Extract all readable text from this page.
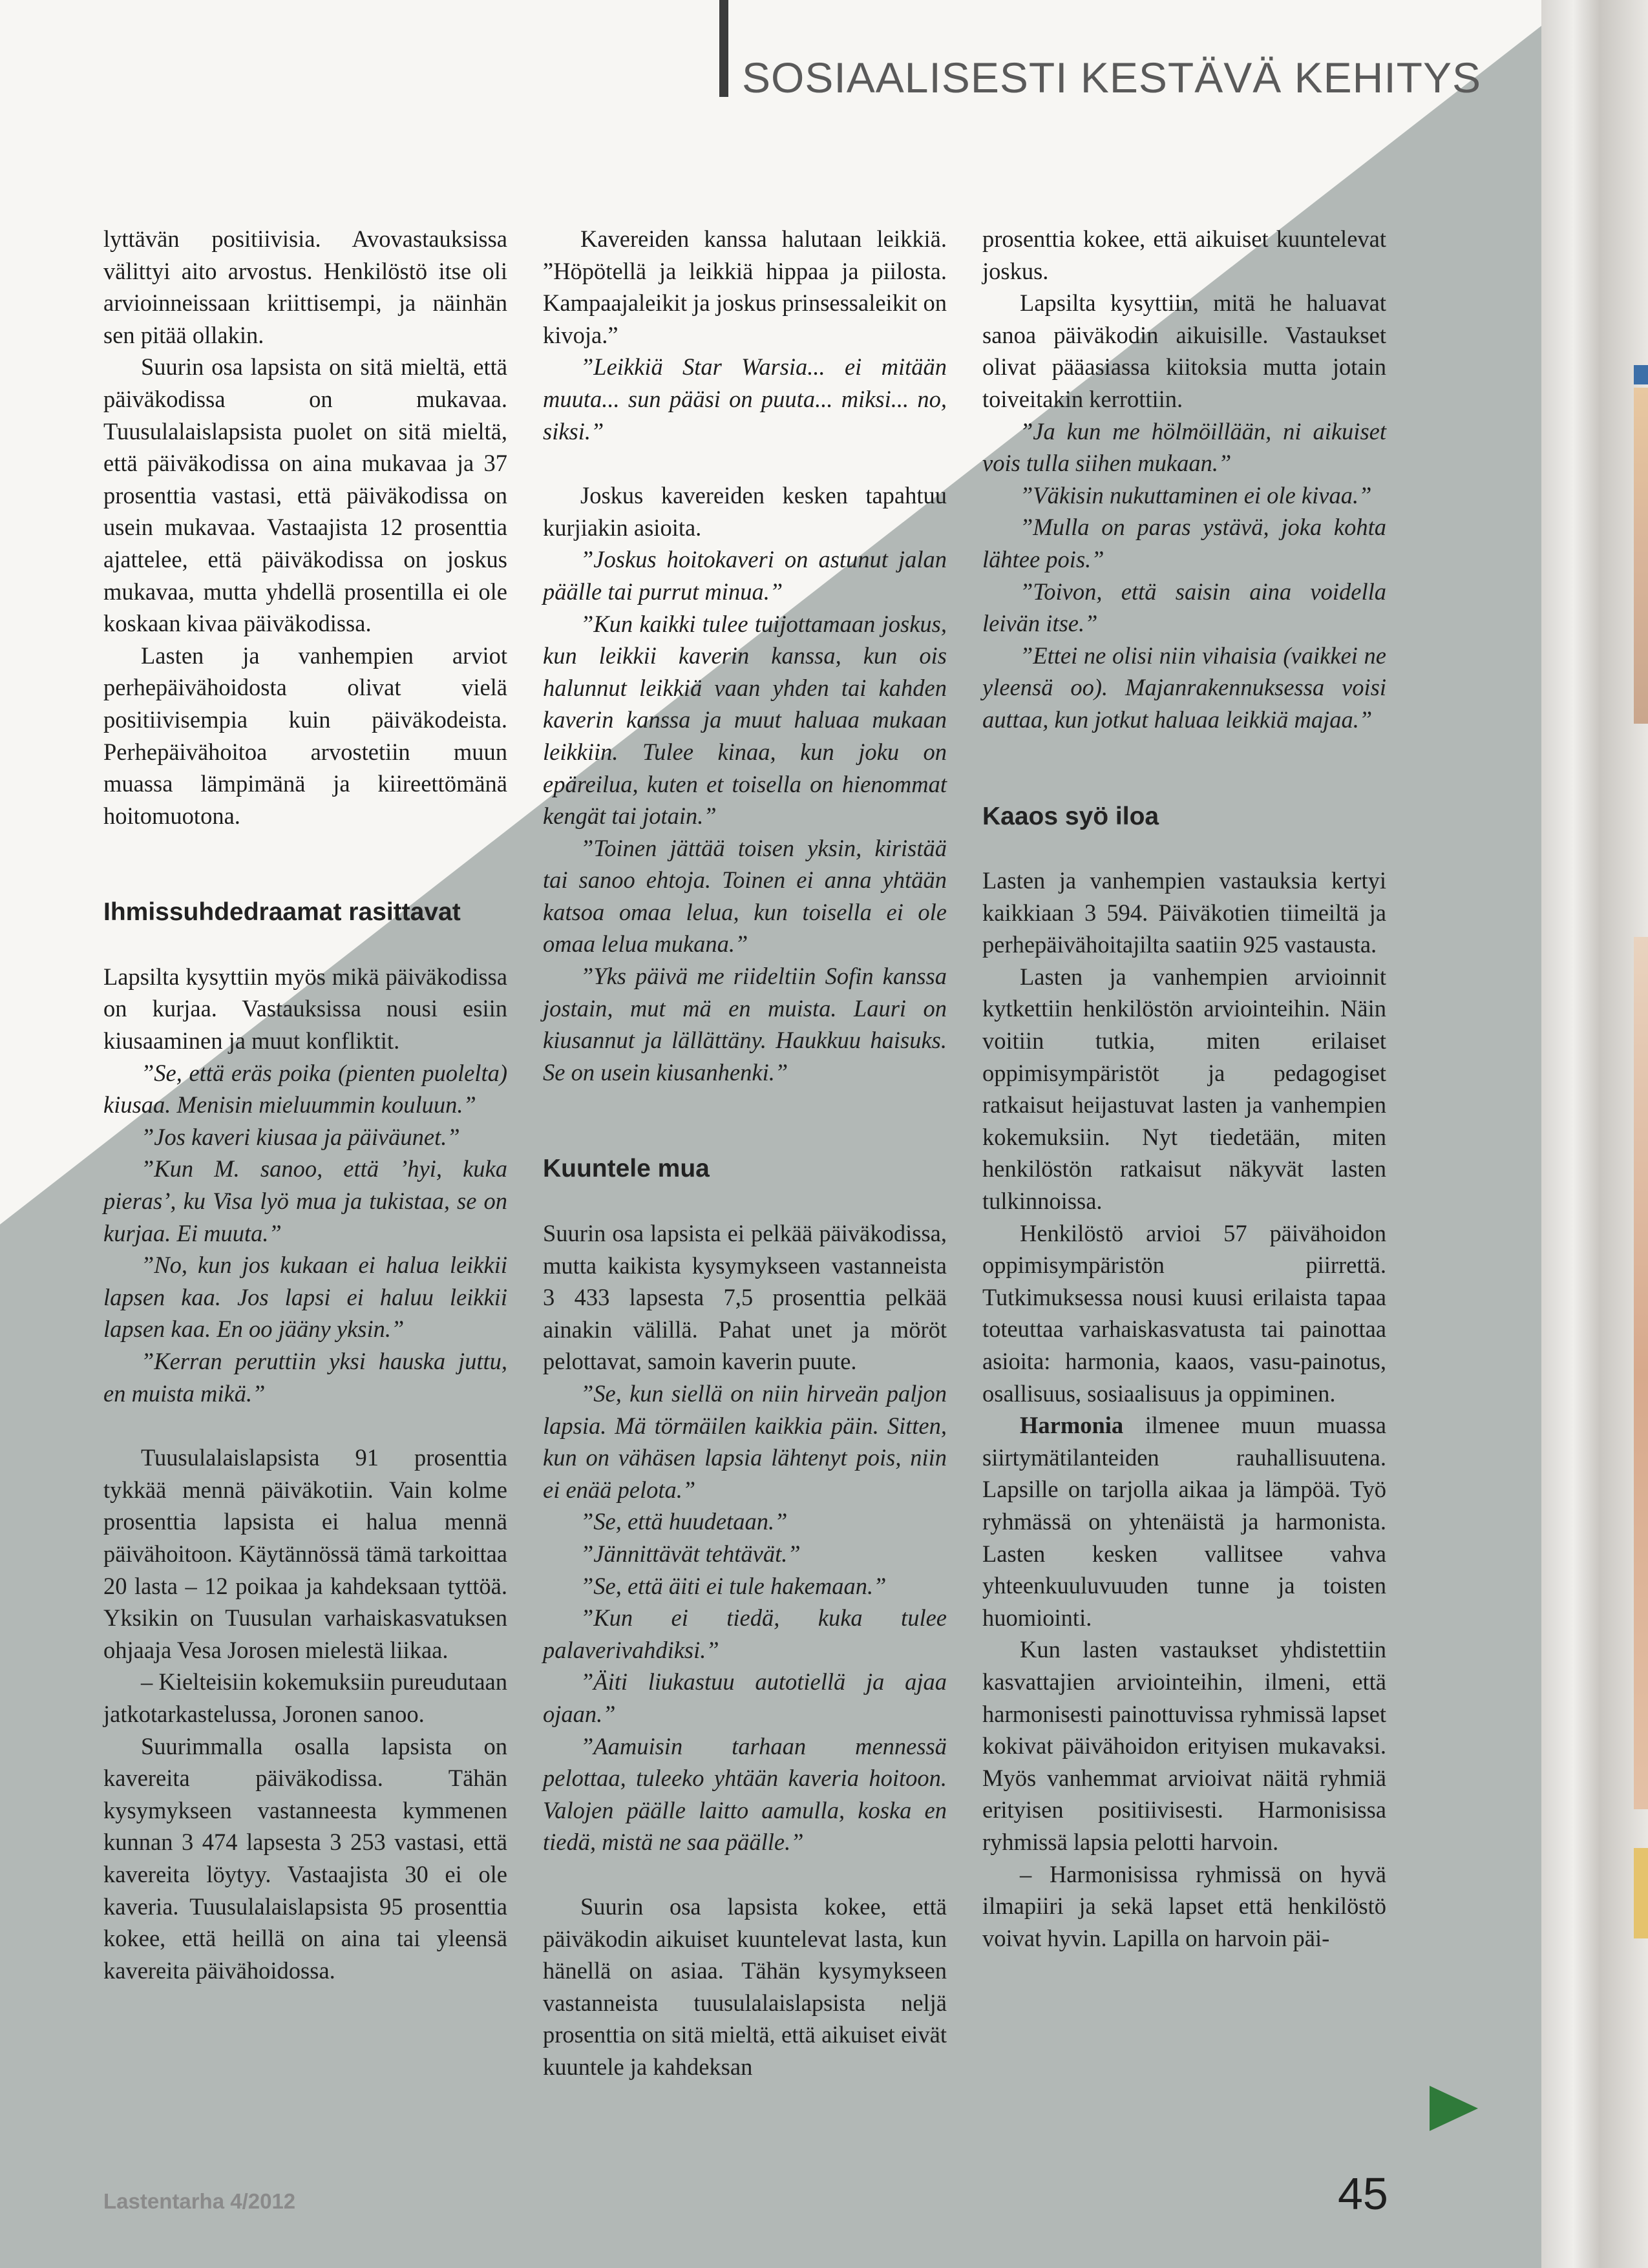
SOSIAALISESTI KESTÄVÄ KEHITYS

lyttävän positiivisia. Avovastauksissa välittyi aito arvostus. Henkilöstö itse oli arvioinneissaan kriittisempi, ja näinhän sen pitää ollakin.

Suurin osa lapsista on sitä mieltä, että päiväkodissa on mukavaa. Tuusulalaislapsista puolet on sitä mieltä, että päiväkodissa on aina mukavaa ja 37 prosenttia vastasi, että päiväkodissa on usein mukavaa. Vastaajista 12 prosenttia ajattelee, että päiväkodissa on joskus mukavaa, mutta yhdellä prosentilla ei ole koskaan kivaa päiväkodissa.

Lasten ja vanhempien arviot perhepäivähoidosta olivat vielä positiivisempia kuin päiväkodeista. Perhepäivähoitoa arvostetiin muun muassa lämpimänä ja kiireettömänä hoitomuotona.

Ihmissuhdedraamat rasittavat

Lapsilta kysyttiin myös mikä päiväkodissa on kurjaa. Vastauksissa nousi esiin kiusaaminen ja muut konfliktit.

”Se, että eräs poika (pienten puolelta) kiusaa. Menisin mieluummin kouluun.”

”Jos kaveri kiusaa ja päiväunet.”

”Kun M. sanoo, että ’hyi, kuka pieras’, ku Visa lyö mua ja tukistaa, se on kurjaa. Ei muuta.”

”No, kun jos kukaan ei halua leikkii lapsen kaa. Jos lapsi ei haluu leikkii lapsen kaa. En oo jääny yksin.”

”Kerran peruttiin yksi hauska juttu, en muista mikä.”

Tuusulalaislapsista 91 prosenttia tykkää mennä päiväkotiin. Vain kolme prosenttia lapsista ei halua mennä päivähoitoon. Käytännössä tämä tarkoittaa 20 lasta – 12 poikaa ja kahdeksaan tyttöä. Yksikin on Tuusulan varhaiskasvatuksen ohjaaja Vesa Jorosen mielestä liikaa.

– Kielteisiin kokemuksiin pureudutaan jatkotarkastelussa, Joronen sanoo.

Suurimmalla osalla lapsista on kavereita päiväkodissa. Tähän kysymykseen vastanneesta kymmenen kunnan 3 474 lapsesta 3 253 vastasi, että kavereita löytyy. Vastaajista 30 ei ole kaveria. Tuusulalaislapsista 95 prosenttia kokee, että heillä on aina tai yleensä kavereita päivähoidossa.

Kavereiden kanssa halutaan leikkiä. ”Höpötellä ja leikkiä hippaa ja piilosta. Kampaajaleikit ja joskus prinsessaleikit on kivoja.”

”Leikkiä Star Warsia... ei mitään muuta... sun pääsi on puuta... miksi... no, siksi.”

Joskus kavereiden kesken tapahtuu kurjiakin asioita.

”Joskus hoitokaveri on astunut jalan päälle tai purrut minua.”

”Kun kaikki tulee tuijottamaan joskus, kun leikkii kaverin kanssa, kun ois halunnut leikkiä vaan yhden tai kahden kaverin kanssa ja muut haluaa mukaan leikkiin. Tulee kinaa, kun joku on epäreilua, kuten et toisella on hienommat kengät tai jotain.”

”Toinen jättää toisen yksin, kiristää tai sanoo ehtoja. Toinen ei anna yhtään katsoa omaa lelua, kun toisella ei ole omaa lelua mukana.”

”Yks päivä me riideltiin Sofin kanssa jostain, mut mä en muista. Lauri on kiusannut ja lällättäny. Haukkuu haisuks. Se on usein kiusanhenki.”

Kuuntele mua

Suurin osa lapsista ei pelkää päiväkodissa, mutta kaikista kysymykseen vastanneista 3 433 lapsesta 7,5 prosenttia pelkää ainakin välillä. Pahat unet ja möröt pelottavat, samoin kaverin puute.

”Se, kun siellä on niin hirveän paljon lapsia. Mä törmäilen kaikkia päin. Sitten, kun on vähäsen lapsia lähtenyt pois, niin ei enää pelota.”

”Se, että huudetaan.”

”Jännittävät tehtävät.”

”Se, että äiti ei tule hakemaan.”

”Kun ei tiedä, kuka tulee palaverivahdiksi.”

”Äiti liukastuu autotiellä ja ajaa ojaan.”

”Aamuisin tarhaan mennessä pelottaa, tuleeko yhtään kaveria hoitoon. Valojen päälle laitto aamulla, koska en tiedä, mistä ne saa päälle.”

Suurin osa lapsista kokee, että päiväkodin aikuiset kuuntelevat lasta, kun hänellä on asiaa. Tähän kysymykseen vastanneista tuusulalaislapsista neljä prosenttia on sitä mieltä, että aikuiset eivät kuuntele ja kahdeksan

prosenttia kokee, että aikuiset kuuntelevat joskus.

Lapsilta kysyttiin, mitä he haluavat sanoa päiväkodin aikuisille. Vastaukset olivat pääasiassa kiitoksia mutta jotain toiveitakin kerrottiin.

”Ja kun me hölmöillään, ni aikuiset vois tulla siihen mukaan.”

”Väkisin nukuttaminen ei ole kivaa.”

”Mulla on paras ystävä, joka kohta lähtee pois.”

”Toivon, että saisin aina voidella leivän itse.”

”Ettei ne olisi niin vihaisia (vaikkei ne yleensä oo). Majanrakennuksessa voisi auttaa, kun jotkut haluaa leikkiä majaa.”

Kaaos syö iloa

Lasten ja vanhempien vastauksia kertyi kaikkiaan 3 594. Päiväkotien tiimeiltä ja perhepäivähoitajilta saatiin 925 vastausta.

Lasten ja vanhempien arvioinnit kytkettiin henkilöstön arviointeihin. Näin voitiin tutkia, miten erilaiset oppimisympäristöt ja pedagogiset ratkaisut heijastuvat lasten ja vanhempien kokemuksiin. Nyt tiedetään, miten henkilöstön ratkaisut näkyvät lasten tulkinnoissa.

Henkilöstö arvioi 57 päivähoidon oppimisympäristön piirrettä. Tutkimuksessa nousi kuusi erilaista tapaa toteuttaa varhaiskasvatusta tai painottaa asioita: harmonia, kaaos, vasu-painotus, osallisuus, sosiaalisuus ja oppiminen.

Harmonia ilmenee muun muassa siirtymätilanteiden rauhallisuutena. Lapsille on tarjolla aikaa ja lämpöä. Työ ryhmässä on yhtenäistä ja harmonista. Lasten kesken vallitsee vahva yhteenkuuluvuuden tunne ja toisten huomiointi.

Kun lasten vastaukset yhdistettiin kasvattajien arviointeihin, ilmeni, että harmonisesti painottuvissa ryhmissä lapset kokivat päivähoidon erityisen mukavaksi. Myös vanhemmat arvioivat näitä ryhmiä erityisen positiivisesti. Harmonisissa ryhmissä lapsia pelotti harvoin.

– Harmonisissa ryhmissä on hyvä ilmapiiri ja sekä lapset että henkilöstö voivat hyvin. Lapilla on harvoin päi-

Lastentarha 4/2012	45
